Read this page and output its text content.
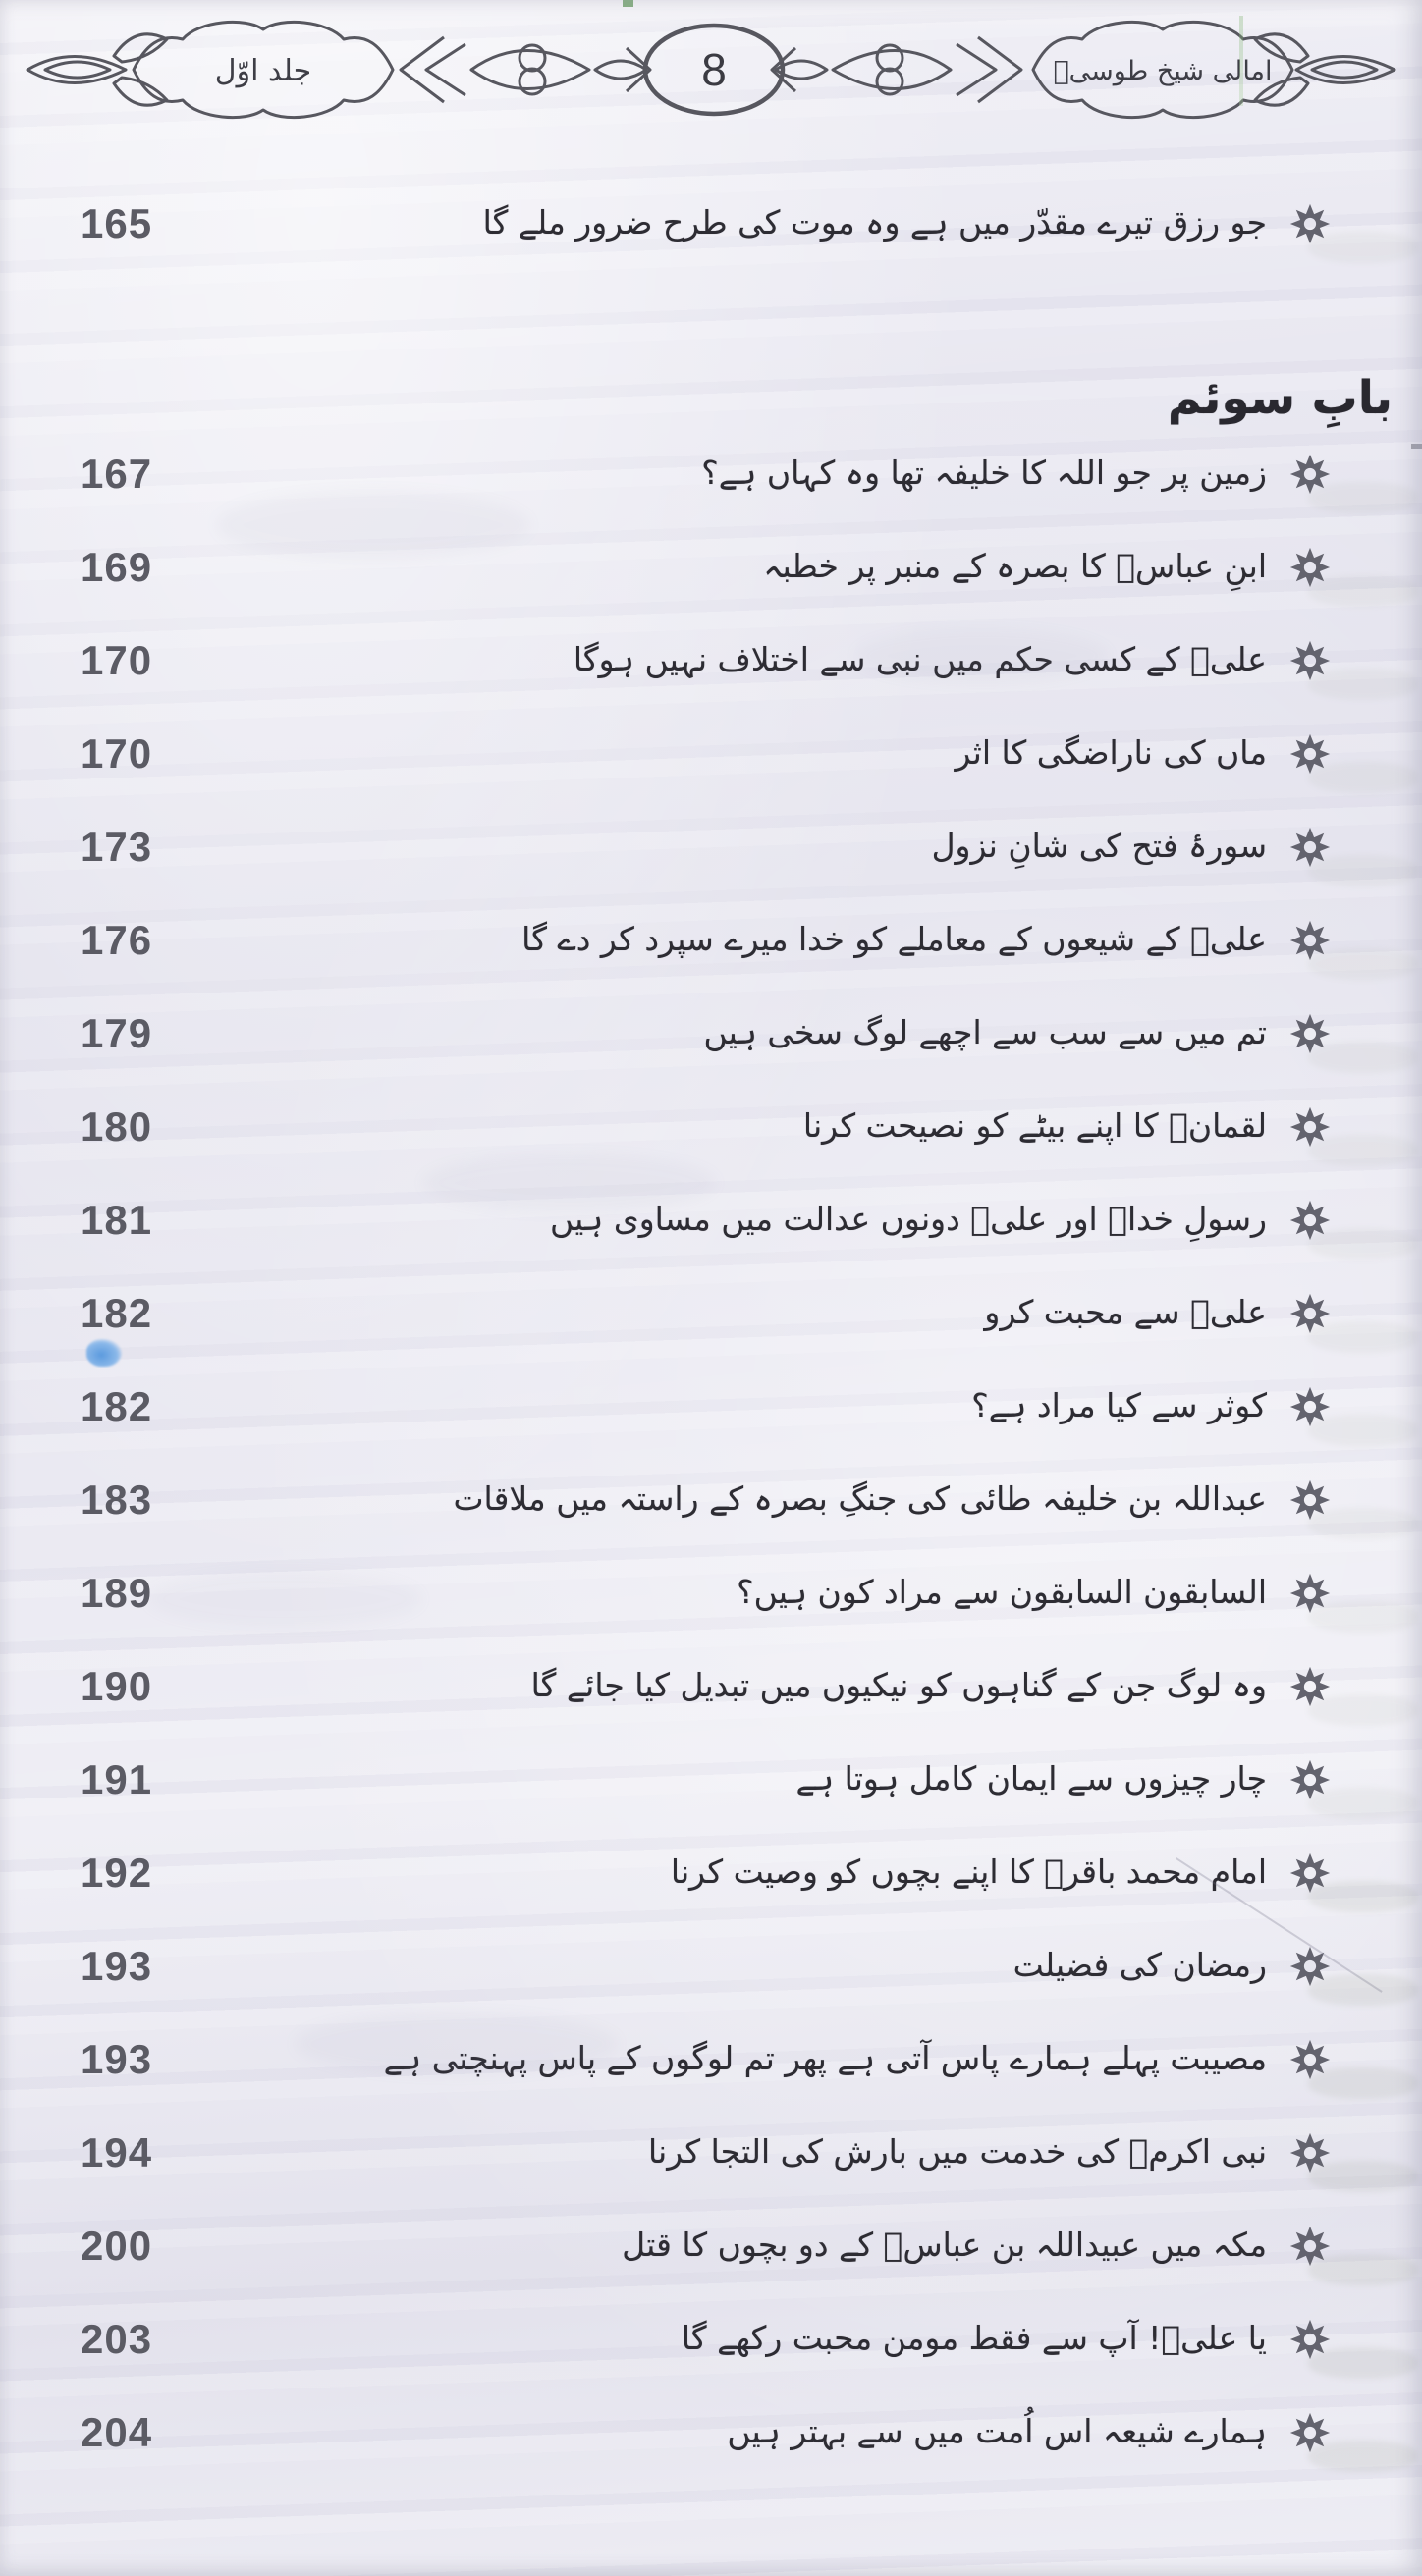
جلد اوّل	امالی شیخ طوسیؒ
8
165	جو رزق تیرے مقدّر میں ہے وہ موت کی طرح ضرور ملے گا
بابِ سوئم
167	زمین پر جو اللہ کا خلیفہ تھا وہ کہاں ہے؟
169	ابنِ عباسؓ کا بصرہ کے منبر پر خطبہ
170	علیؑ کے کسی حکم میں نبی سے اختلاف نہیں ہوگا
170	ماں کی ناراضگی کا اثر
173	سورۂ فتح کی شانِ نزول
176	علیؑ کے شیعوں کے معاملے کو خدا میرے سپرد کر دے گا
179	تم میں سے سب سے اچھے لوگ سخی ہیں
180	لقمانؑ کا اپنے بیٹے کو نصیحت کرنا
181	رسولِ خداؐ اور علیؑ دونوں عدالت میں مساوی ہیں
182	علیؑ سے محبت کرو
182	کوثر سے کیا مراد ہے؟
183	عبداللہ بن خلیفہ طائی کی جنگِ بصرہ کے راستہ میں ملاقات
189	السابقون السابقون سے مراد کون ہیں؟
190	وہ لوگ جن کے گناہوں کو نیکیوں میں تبدیل کیا جائے گا
191	چار چیزوں سے ایمان کامل ہوتا ہے
192	امام محمد باقرؑ کا اپنے بچوں کو وصیت کرنا
193	رمضان کی فضیلت
193	مصیبت پہلے ہمارے پاس آتی ہے پھر تم لوگوں کے پاس پہنچتی ہے
194	نبی اکرمؐ کی خدمت میں بارش کی التجا کرنا
200	مکہ میں عبیداللہ بن عباسؓ کے دو بچوں کا قتل
203	یا علیؑ! آپ سے فقط مومن محبت رکھے گا
204	ہمارے شیعہ اس اُمت میں سے بہتر ہیں
